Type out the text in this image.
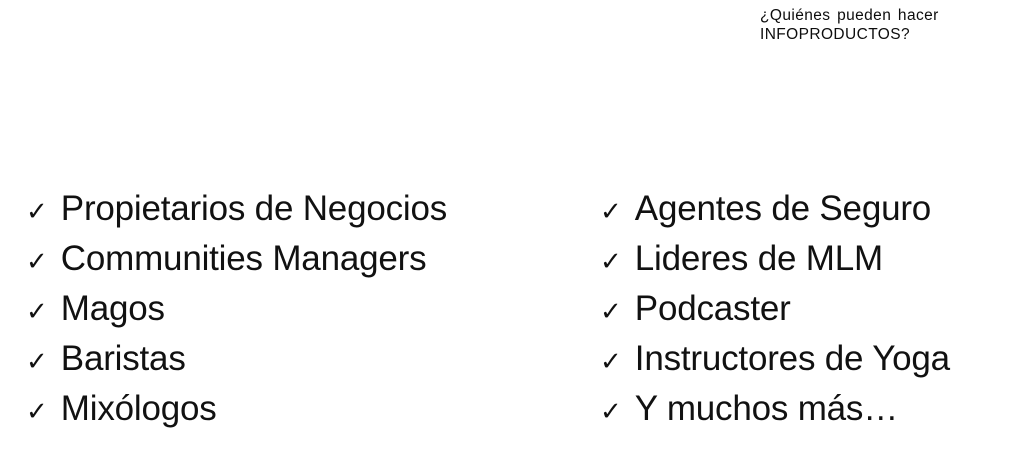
¿Quiénes pueden hacer
INFOPRODUCTOS?
✓ Propietarios de Negocios
✓ Communities Managers
✓ Magos
✓ Baristas
✓ Mixólogos
✓ Agentes de Seguro
✓ Lideres de MLM
✓ Podcaster
✓ Instructores de Yoga
✓ Y muchos más…
